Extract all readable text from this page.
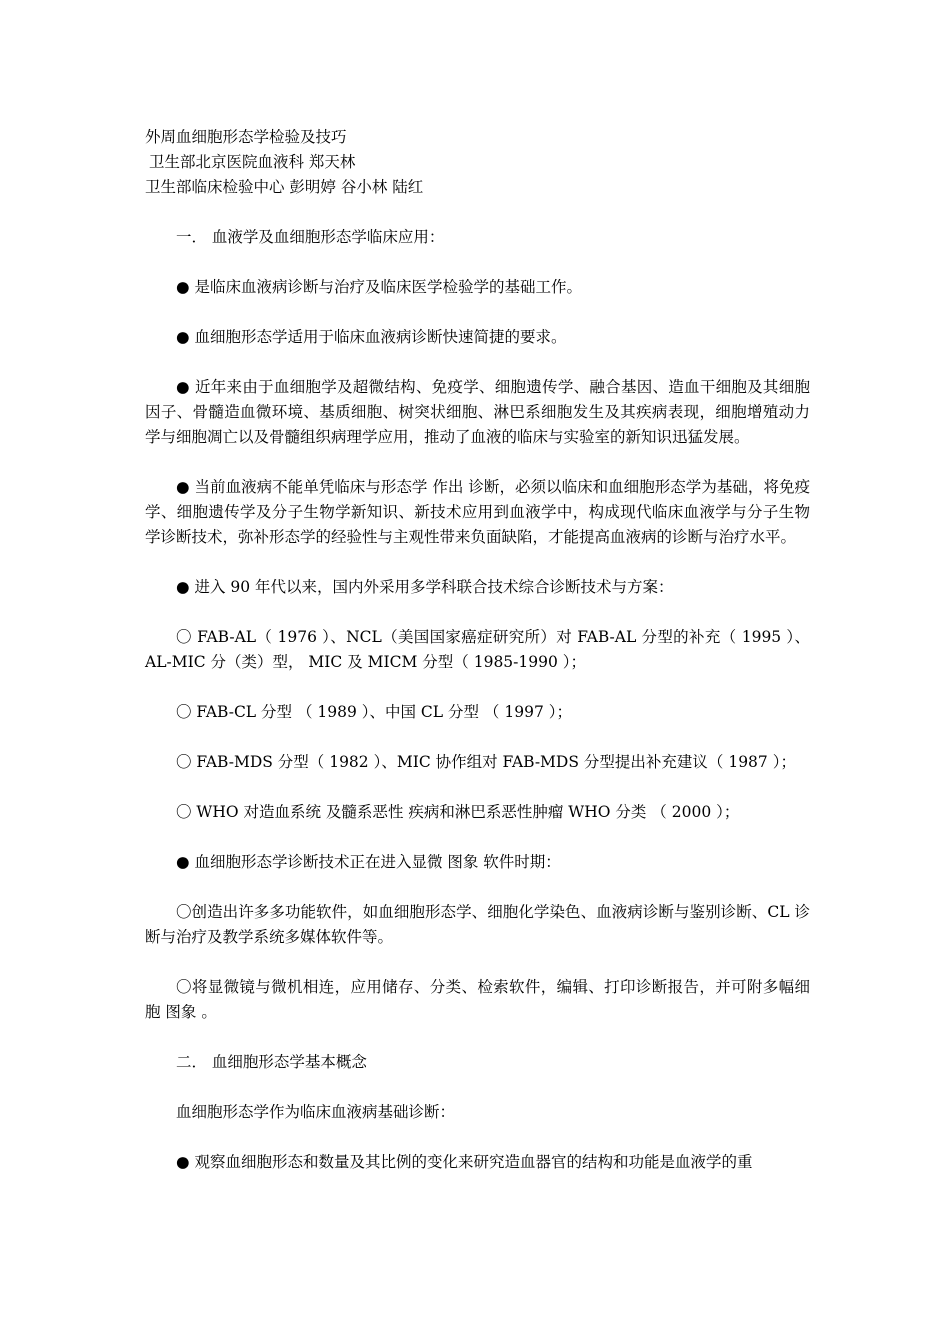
外周血细胞形态学检验及技巧
卫生部北京医院血液科 郑天林
卫生部临床检验中心 彭明婷 谷小林 陆红

一． 血液学及血细胞形态学临床应用：

● 是临床血液病诊断与治疗及临床医学检验学的基础工作。

● 血细胞形态学适用于临床血液病诊断快速简捷的要求。

● 近年来由于血细胞学及超微结构、免疫学、细胞遗传学、融合基因、造血干细胞及其细胞因子、骨髓造血微环境、基质细胞、树突状细胞、淋巴系细胞发生及其疾病表现，细胞增殖动力学与细胞凋亡以及骨髓组织病理学应用，推动了血液的临床与实验室的新知识迅猛发展。

● 当前血液病不能单凭临床与形态学 作出 诊断，必须以临床和血细胞形态学为基础，将免疫学、细胞遗传学及分子生物学新知识、新技术应用到血液学中，构成现代临床血液学与分子生物学诊断技术，弥补形态学的经验性与主观性带来负面缺陷，才能提高血液病的诊断与治疗水平。

● 进入 90 年代以来，国内外采用多学科联合技术综合诊断技术与方案：

〇 FAB-AL（ 1976 ）、NCL（美国国家癌症研究所）对 FAB-AL 分型的补充（ 1995 ）、AL-MIC 分（类）型， MIC 及 MICM 分型（ 1985-1990 ）；

〇 FAB-CL 分型 （ 1989 ）、中国 CL 分型 （ 1997 ）；

〇 FAB-MDS 分型（ 1982 ）、MIC 协作组对 FAB-MDS 分型提出补充建议（ 1987 ）；

〇 WHO 对造血系统 及髓系恶性 疾病和淋巴系恶性肿瘤 WHO 分类 （ 2000 ）；

● 血细胞形态学诊断技术正在进入显微 图象 软件时期：

〇创造出许多多功能软件，如血细胞形态学、细胞化学染色、血液病诊断与鉴别诊断、CL 诊断与治疗及教学系统多媒体软件等。

〇将显微镜与微机相连，应用储存、分类、检索软件，编辑、打印诊断报告，并可附多幅细胞 图象 。

二． 血细胞形态学基本概念

血细胞形态学作为临床血液病基础诊断：

● 观察血细胞形态和数量及其比例的变化来研究造血器官的结构和功能是血液学的重
